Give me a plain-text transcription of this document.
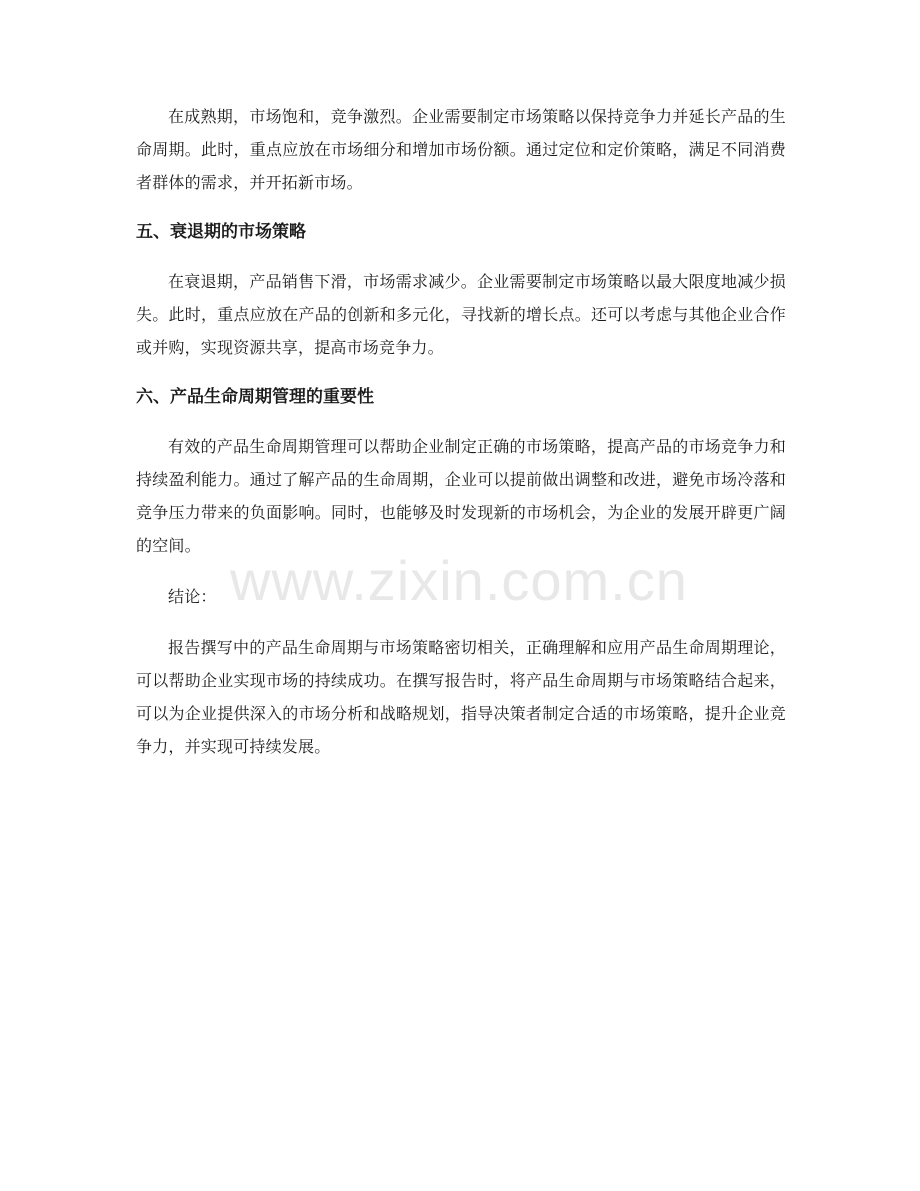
在成熟期，市场饱和，竞争激烈。企业需要制定市场策略以保持竞争力并延长产品的生命周期。此时，重点应放在市场细分和增加市场份额。通过定位和定价策略，满足不同消费者群体的需求，并开拓新市场。

五、衰退期的市场策略

在衰退期，产品销售下滑，市场需求减少。企业需要制定市场策略以最大限度地减少损失。此时，重点应放在产品的创新和多元化，寻找新的增长点。还可以考虑与其他企业合作或并购，实现资源共享，提高市场竞争力。

六、产品生命周期管理的重要性

有效的产品生命周期管理可以帮助企业制定正确的市场策略，提高产品的市场竞争力和持续盈利能力。通过了解产品的生命周期，企业可以提前做出调整和改进，避免市场冷落和竞争压力带来的负面影响。同时，也能够及时发现新的市场机会，为企业的发展开辟更广阔的空间。

结论：

报告撰写中的产品生命周期与市场策略密切相关，正确理解和应用产品生命周期理论，可以帮助企业实现市场的持续成功。在撰写报告时，将产品生命周期与市场策略结合起来，可以为企业提供深入的市场分析和战略规划，指导决策者制定合适的市场策略，提升企业竞争力，并实现可持续发展。

www.zixin.com.cn
